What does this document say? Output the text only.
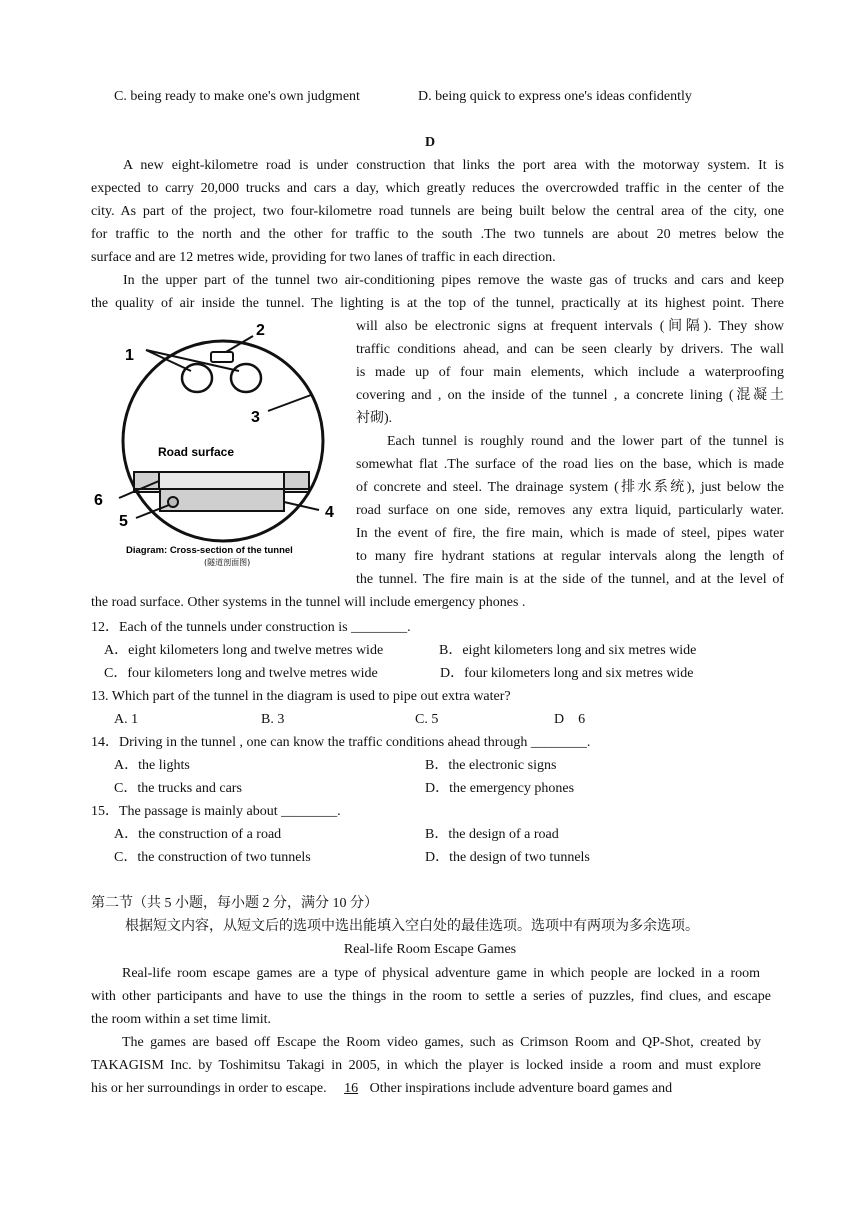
C. being ready to make one's own judgment	D. being quick to express one's ideas confidently
D
A new eight-kilometre road is under construction that links the port area with the motorway system. It is
expected to carry 20,000 trucks and cars a day, which greatly reduces the overcrowded traffic in the center of the
city. As part of the project, two four-kilometre road tunnels are being built below the central area of the city, one
for traffic to the north and the other for traffic to the south .The two tunnels are about 20 metres below the
surface and are 12 metres wide, providing for two lanes of traffic in each direction.
In the upper part of the tunnel two air-conditioning pipes remove the waste gas of trucks and cars and keep
the quality of air inside the tunnel. The lighting is at the top of the tunnel, practically at its highest point. There
will also be electronic signs at frequent intervals (间隔). They show
traffic conditions ahead, and can be seen clearly by drivers. The wall
is made up of four main elements, which include a waterproofing
covering and , on the inside of the tunnel , a concrete lining (混凝土
衬砌).
Each tunnel is roughly round and the lower part of the tunnel is
somewhat flat .The surface of the road lies on the base, which is made
of concrete and steel. The drainage system (排水系统), just below the
road surface on one side, removes any extra liquid, particularly water.
In the event of fire, the fire main, which is made of steel, pipes water
to many fire hydrant stations at regular intervals along the length of
the tunnel. The fire main is at the side of the tunnel, and at the level of
the road surface. Other systems in the tunnel will include emergency phones .
1
2
3
4
5
6
Road surface
Diagram: Cross-section of the tunnel
(隧道剖面图)
12．Each of the tunnels under construction is ________.
A．eight kilometers long and twelve metres wide	B．eight kilometers long and six metres wide
C．four kilometers long and twelve metres wide	D．four kilometers long and six metres wide
13. Which part of the tunnel in the diagram is used to pipe out extra water?
A. 1	B. 3	C. 5	D    6
14．Driving in the tunnel , one can know the traffic conditions ahead through ________.
A．the lights	B．the electronic signs
C．the trucks and cars	D．the emergency phones
15．The passage is mainly about ________.
A．the construction of a road	B．the design of a road
C．the construction of two tunnels	D．the design of two tunnels
第二节（共 5 小题，每小题 2 分，满分 10 分）
根据短文内容，从短文后的选项中选出能填入空白处的最佳选项。选项中有两项为多余选项。
Real-life Room Escape Games
Real-life room escape games are a type of physical adventure game in which people are locked in a room
with other participants and have to use the things in the room to settle a series of puzzles, find clues, and escape
the room within a set time limit.
The games are based off Escape the Room video games, such as Crimson Room and QP-Shot, created by
TAKAGISM Inc. by Toshimitsu Takagi in 2005, in which the player is locked inside a room and must explore
his or her surroundings in order to escape. 16 Other inspirations include adventure board games and
